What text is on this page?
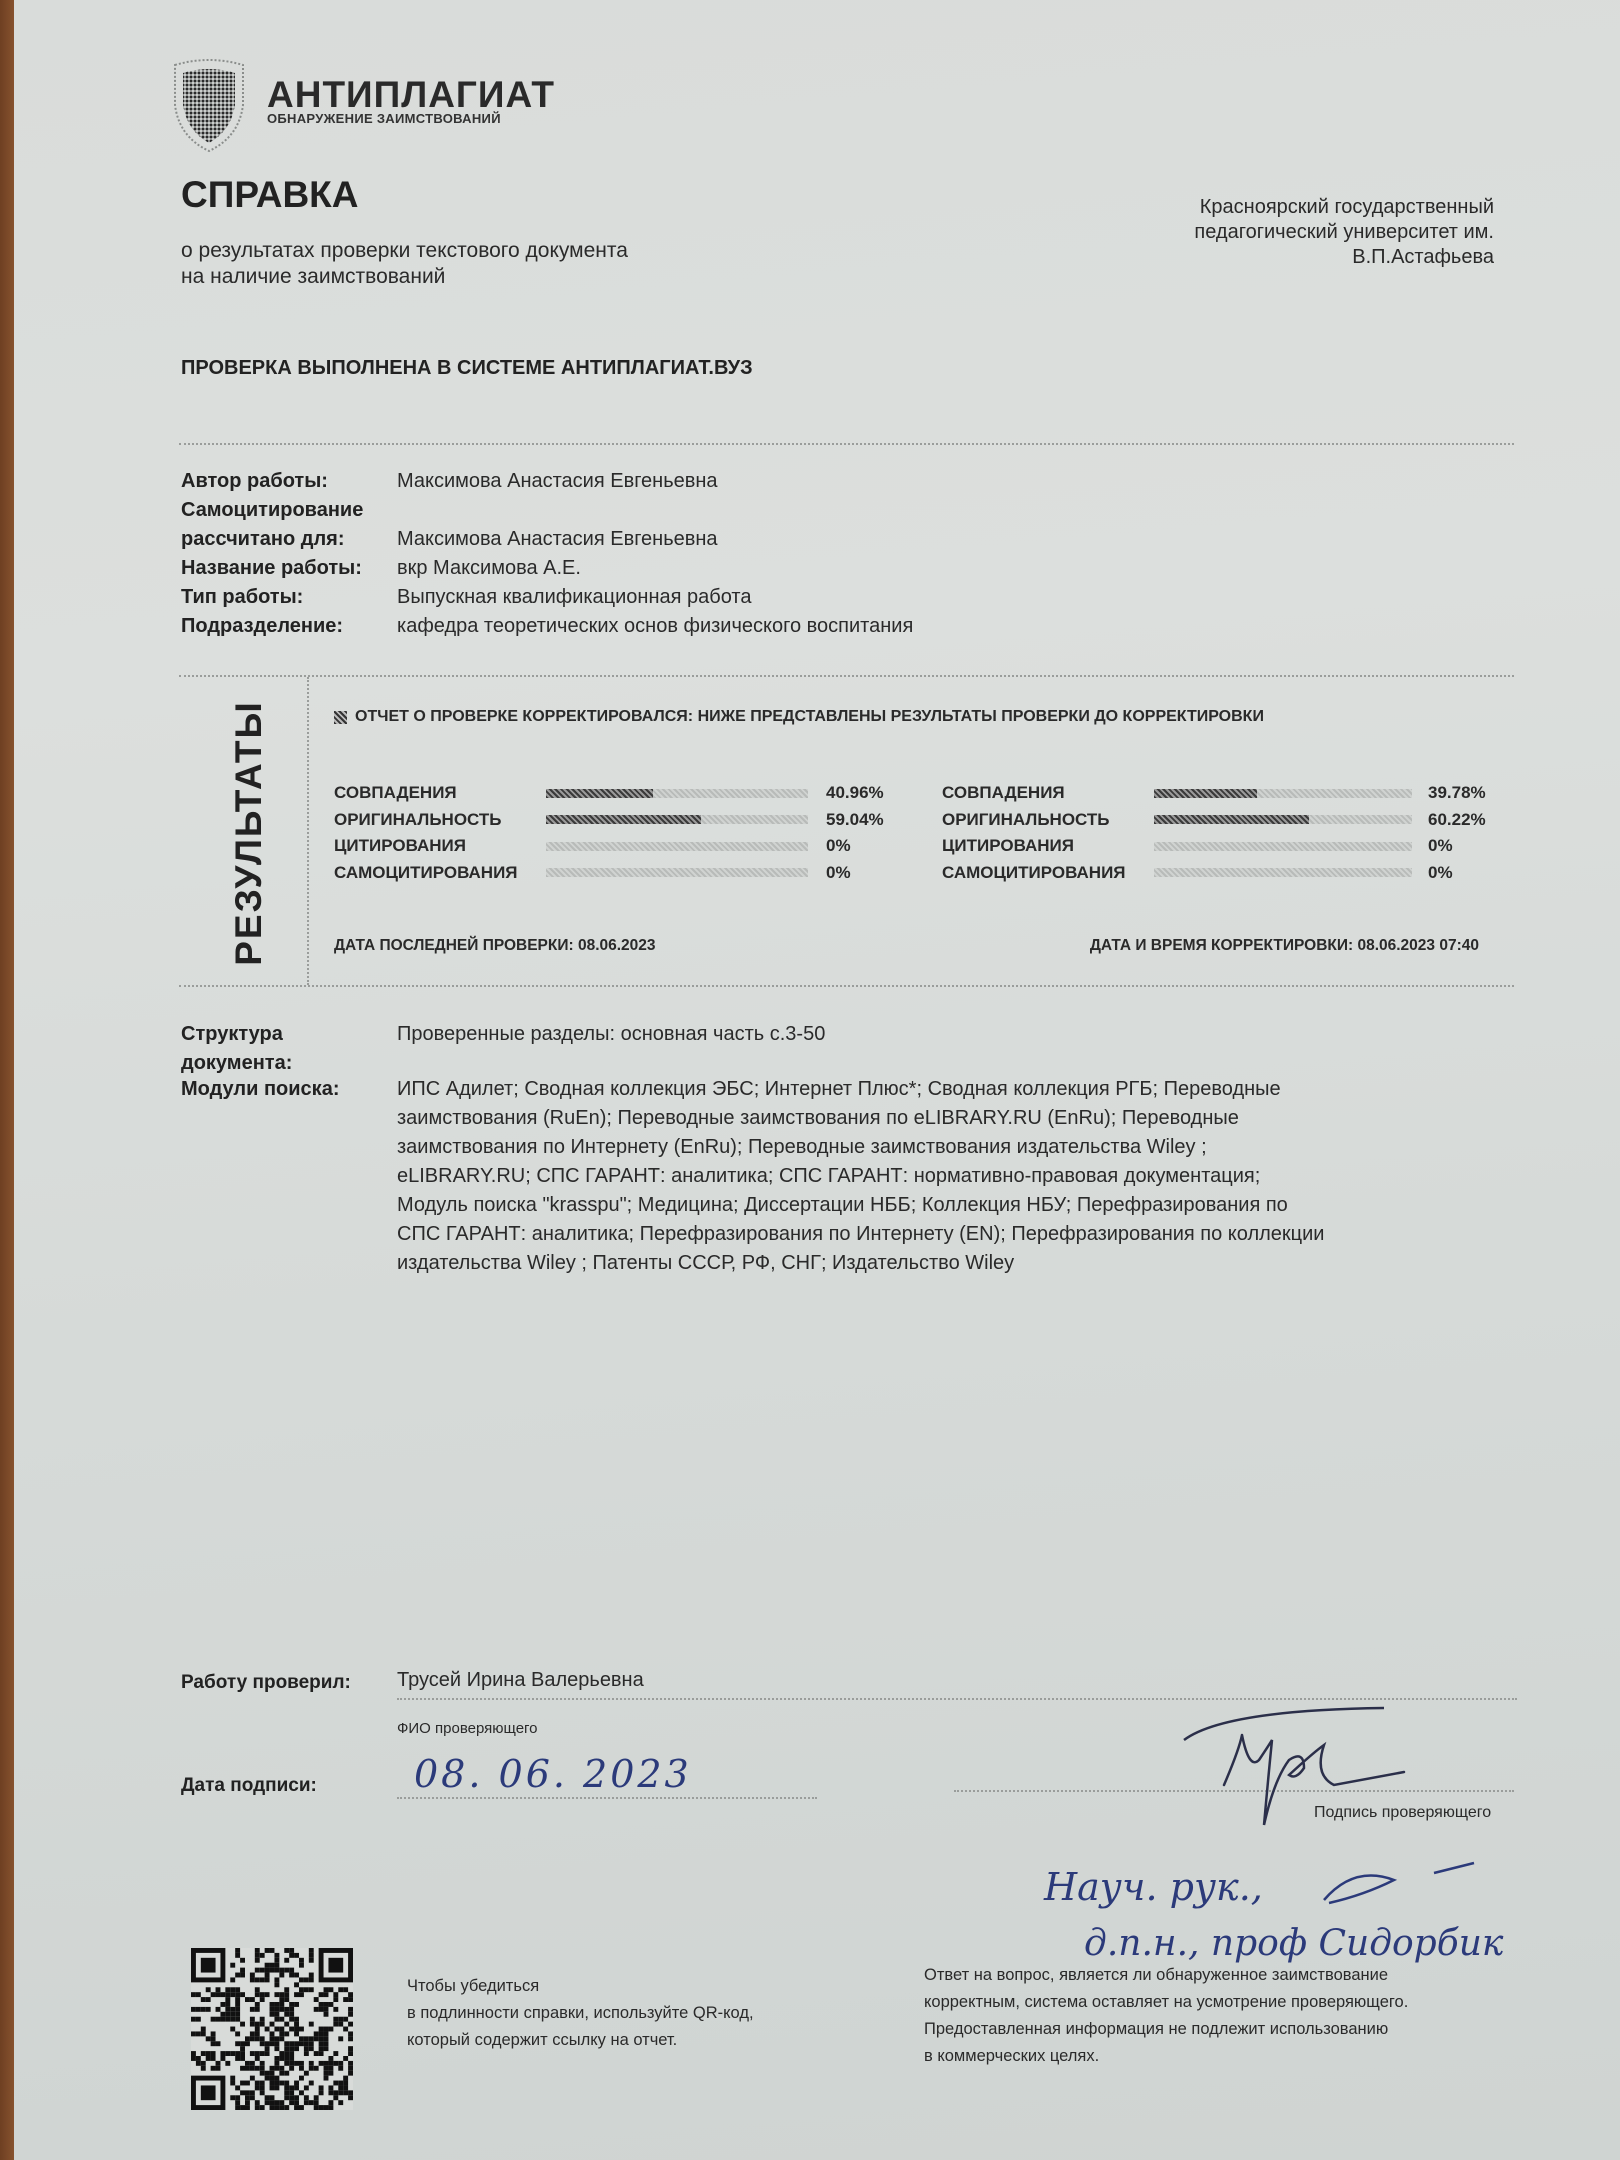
АНТИПЛАГИАТ
ОБНАРУЖЕНИЕ ЗАИМСТВОВАНИЙ
СПРАВКА
о результатах проверки текстового документа
на наличие заимствований
Красноярский государственный
педагогический университет им.
В.П.Астафьева
ПРОВЕРКА ВЫПОЛНЕНА В СИСТЕМЕ АНТИПЛАГИАТ.ВУЗ
Автор работы:	Максимова Анастасия Евгеньевна
Самоцитирование
рассчитано для:	Максимова Анастасия Евгеньевна
Название работы:	вкр Максимова А.Е.
Тип работы:	Выпускная квалификационная работа
Подразделение:	кафедра теоретических основ физического воспитания
РЕЗУЛЬТАТЫ	ОТЧЕТ О ПРОВЕРКЕ КОРРЕКТИРОВАЛСЯ: НИЖЕ ПРЕДСТАВЛЕНЫ РЕЗУЛЬТАТЫ ПРОВЕРКИ ДО КОРРЕКТИРОВКИ
СОВПАДЕНИЯ	40.96%
ОРИГИНАЛЬНОСТЬ	59.04%
ЦИТИРОВАНИЯ	0%
САМОЦИТИРОВАНИЯ	0%
СОВПАДЕНИЯ	39.78%
ОРИГИНАЛЬНОСТЬ	60.22%
ЦИТИРОВАНИЯ	0%
САМОЦИТИРОВАНИЯ	0%
ДАТА ПОСЛЕДНЕЙ ПРОВЕРКИ: 08.06.2023	ДАТА И ВРЕМЯ КОРРЕКТИРОВКИ: 08.06.2023 07:40
Структура
документа:
Проверенные разделы: основная часть с.3-50
Модули поиска:	ИПС Адилет; Сводная коллекция ЭБС; Интернет Плюс*; Сводная коллекция РГБ; Переводные
заимствования (RuEn); Переводные заимствования по eLIBRARY.RU (EnRu); Переводные
заимствования по Интернету (EnRu); Переводные заимствования издательства Wiley ;
eLIBRARY.RU; СПС ГАРАНТ: аналитика; СПС ГАРАНТ: нормативно-правовая документация;
Модуль поиска "krasspu"; Медицина; Диссертации НББ; Коллекция НБУ; Перефразирования по
СПС ГАРАНТ: аналитика; Перефразирования по Интернету (EN); Перефразирования по коллекции
издательства Wiley ; Патенты СССР, РФ, СНГ; Издательство Wiley
Работу проверил: Трусей Ирина Валерьевна
ФИО проверяющего
Дата подписи:	08. 06. 2023
Подпись проверяющего
Науч. рук.,
д.п.н., проф Сидорбик
Чтобы убедиться
в подлинности справки, используйте QR-код,
который содержит ссылку на отчет.
Ответ на вопрос, является ли обнаруженное заимствование
корректным, система оставляет на усмотрение проверяющего.
Предоставленная информация не подлежит использованию
в коммерческих целях.
